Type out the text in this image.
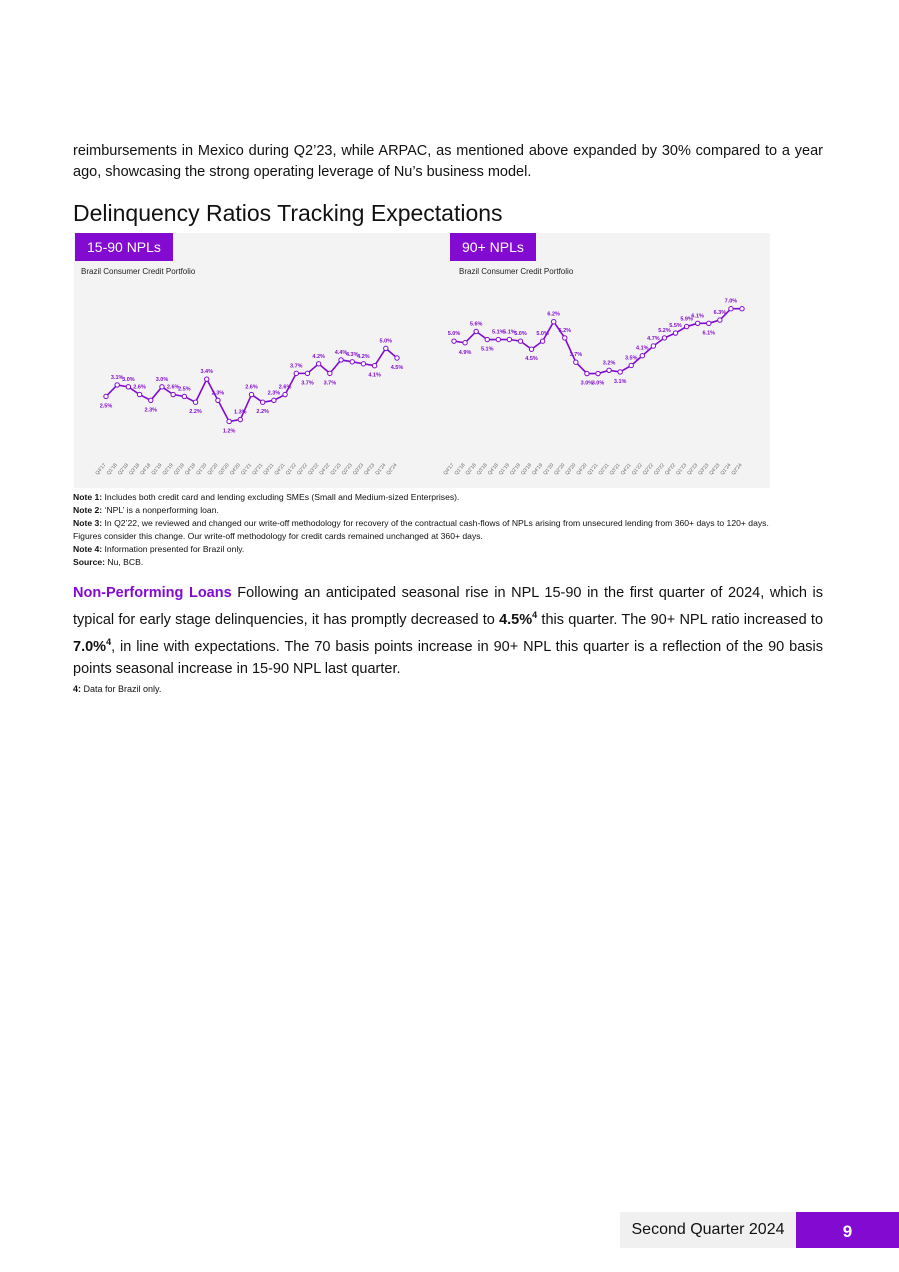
reimbursements in Mexico during Q2’23, while ARPAC, as mentioned above expanded by 30% compared to a year ago, showcasing the strong operating leverage of Nu’s business model.

Delinquency Ratios Tracking Expectations
15-90 NPLs
Brazil Consumer Credit Portfolio
90+ NPLs
Brazil Consumer Credit Portfolio
2.5%
Q4'17
3.1%
Q1'18
3.0%
Q2'18
2.6%
Q3'18
2.3%
Q4'18
3.0%
Q1'19
2.6%
Q2'19
2.5%
Q3'19
2.2%
Q4'19
3.4%
Q1'20
2.3%
Q2'20
1.2%
Q3'20
1.3%
Q4'20
2.6%
Q1'21
2.2%
Q2'21
2.3%
Q3'21
2.6%
Q4'21
3.7%
Q1'22
3.7%
Q2'22
4.2%
Q3'22
3.7%
Q4'22
4.4%
Q1'23
4.3%
Q2'23
4.2%
Q3'23
4.1%
Q4'23
5.0%
Q1'24
4.5%
Q2'24
5.0%
Q4'17
4.9%
Q1'18
5.6%
Q2'18
5.1%
Q3'18
5.1%
Q4'18
5.1%
Q1'19
5.0%
Q2'19
4.5%
Q3'19
5.0%
Q4'19
6.2%
Q1'20
5.2%
Q2'20
3.7%
Q3'20
3.0%
Q4'20
3.0%
Q1'21
3.2%
Q2'21
3.1%
Q3'21
3.5%
Q4'21
4.1%
Q1'22
4.7%
Q2'22
5.2%
Q3'22
5.5%
Q4'22
5.9%
Q1'23
6.1%
Q2'23
6.1%
Q3'23
6.3%
Q4'23
7.0%
Q1'24
Q2'24

Note 1: Includes both credit card and lending excluding SMEs (Small and Medium-sized Enterprises).

Note 2: ‘NPL’ is a nonperforming loan.

Note 3: In Q2’22, we reviewed and changed our write-off methodology for recovery of the contractual cash-flows of NPLs arising from unsecured lending from 360+ days to 120+ days. Figures consider this change. Our write-off methodology for credit cards remained unchanged at 360+ days.

Note 4: Information presented for Brazil only.

Source: Nu, BCB.

Non-Performing Loans Following an anticipated seasonal rise in NPL 15-90 in the first quarter of 2024, which is typical for early stage delinquencies, it has promptly decreased to 4.5%$^4$ this quarter. The 90+ NPL ratio increased to 7.0%$^4$, in line with expectations. The 70 basis points increase in 90+ NPL this quarter is a reflection of the 90 basis points seasonal increase in 15-90 NPL last quarter.

4: Data for Brazil only.

Second Quarter 2024	9
